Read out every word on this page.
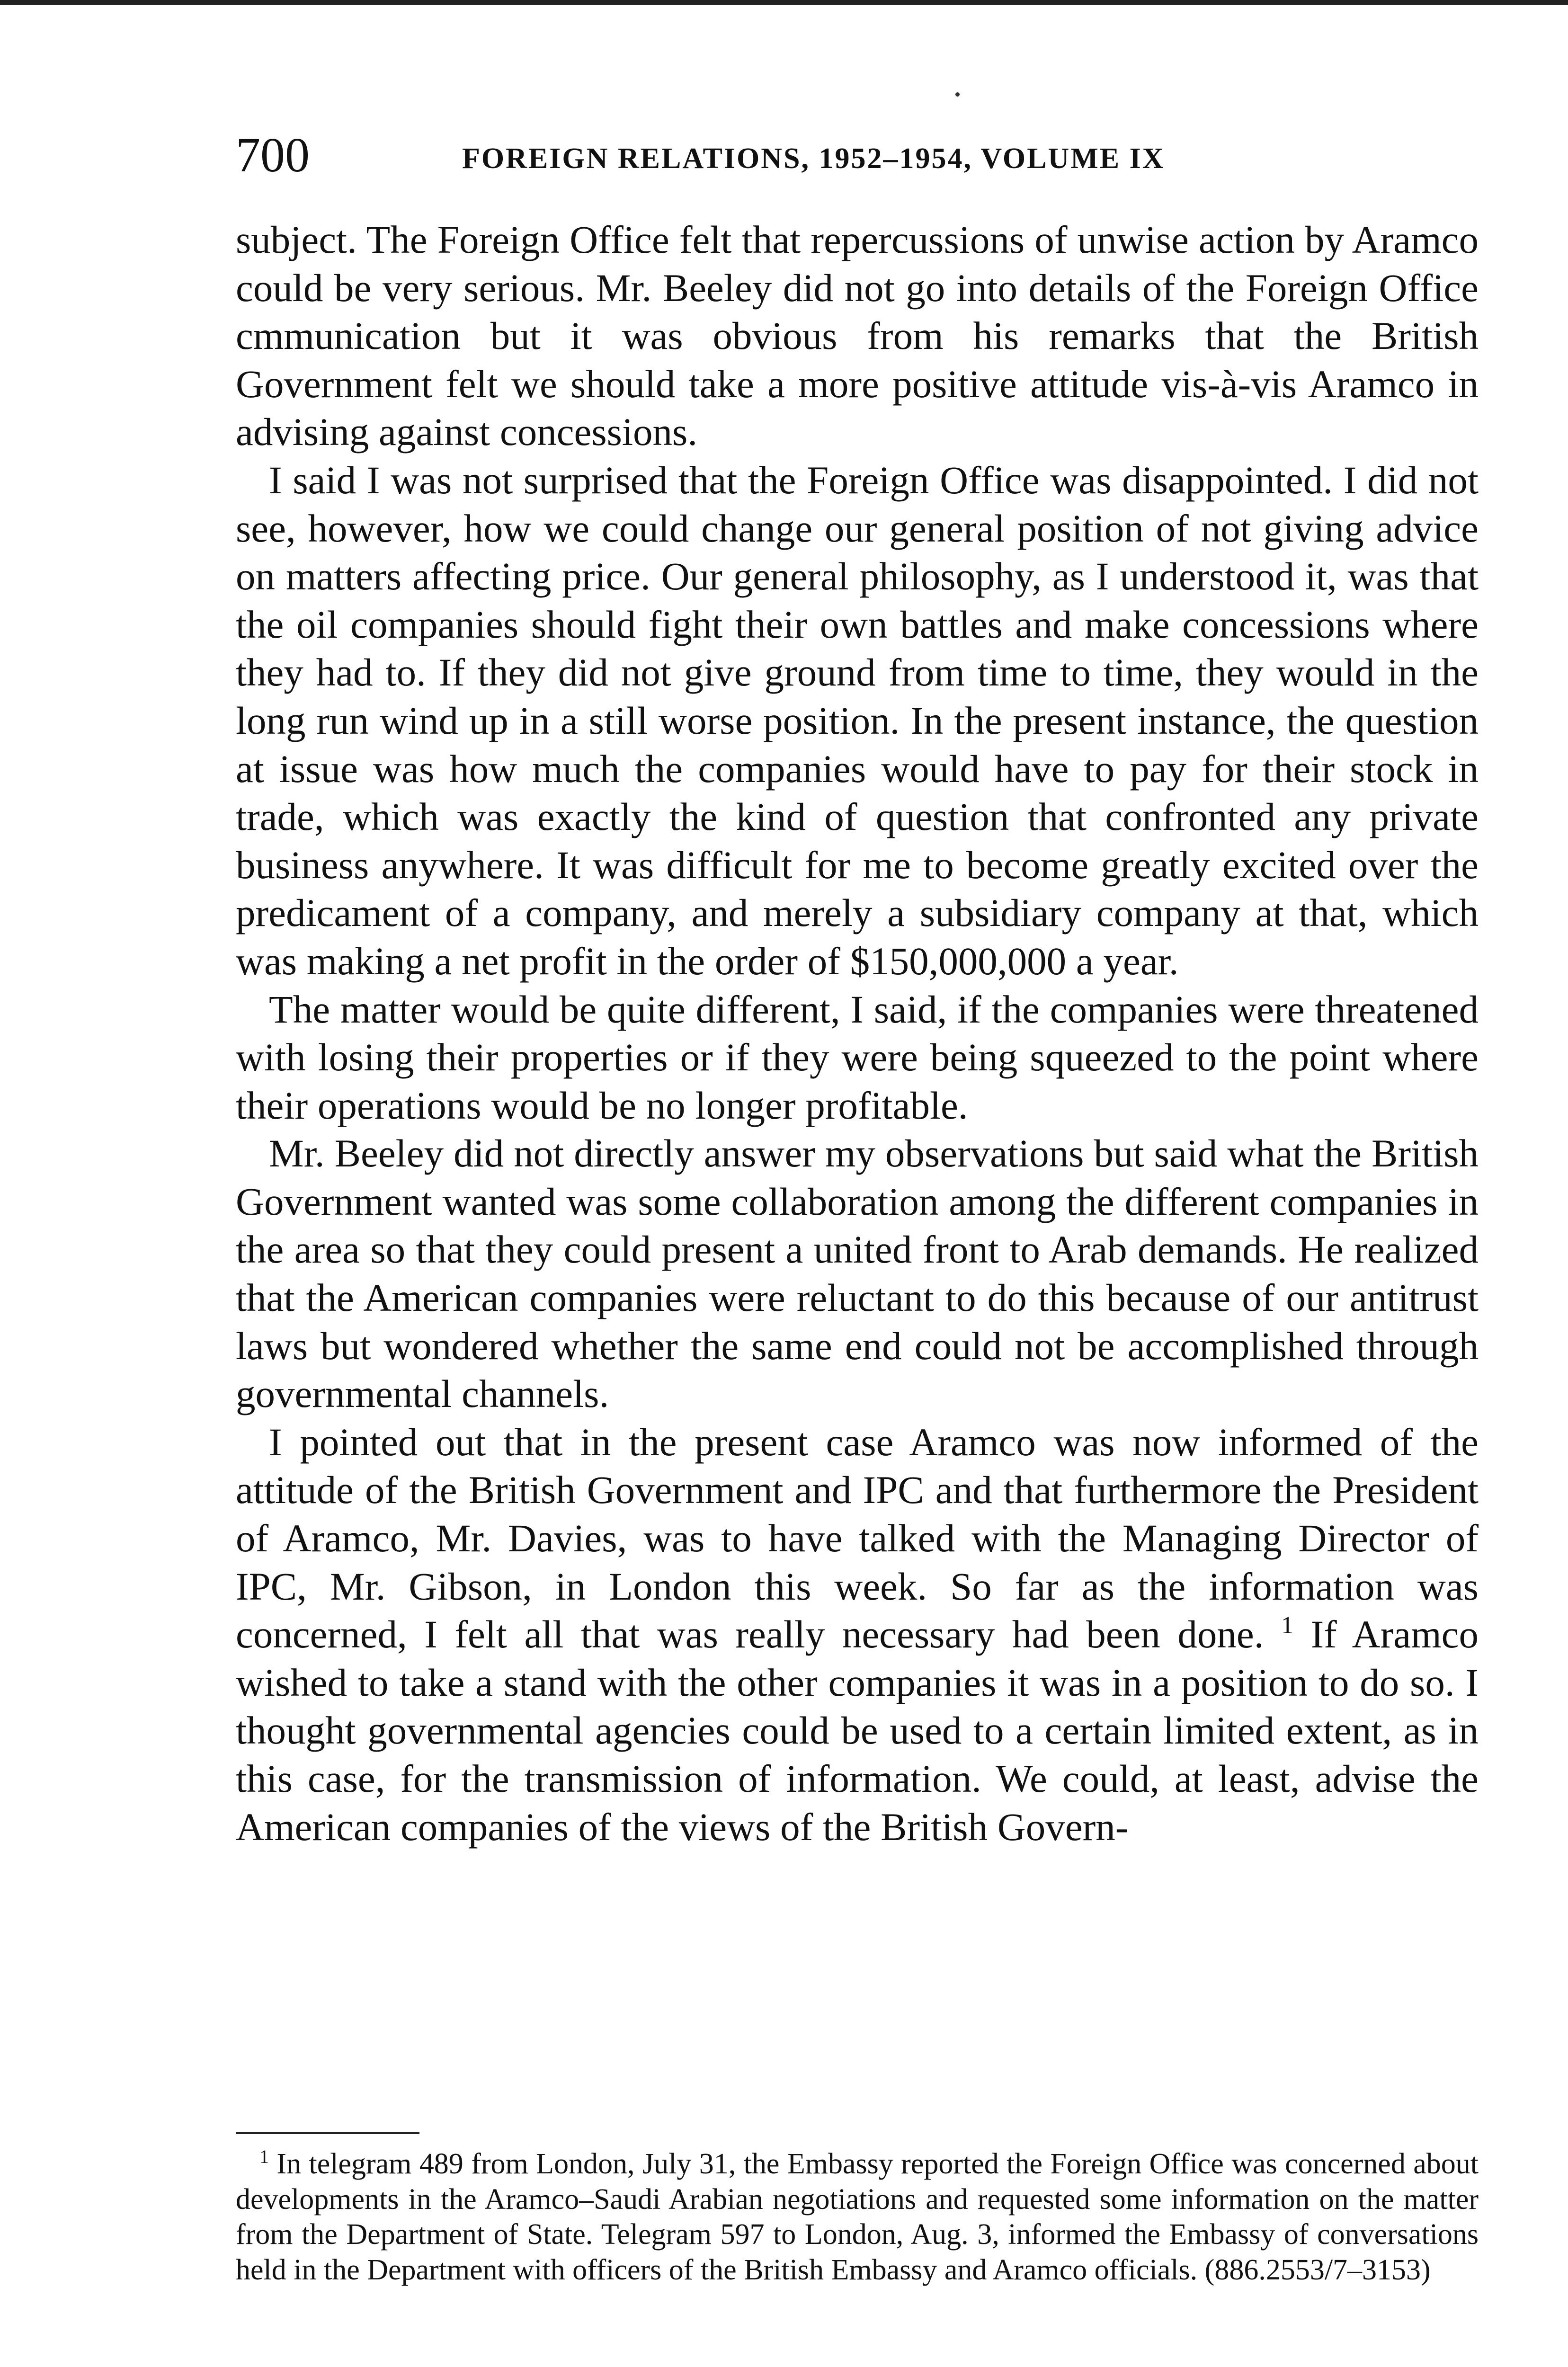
700	FOREIGN RELATIONS, 1952–1954, VOLUME IX

subject. The Foreign Office felt that repercussions of unwise action by Aramco could be very serious. Mr. Beeley did not go into details of the Foreign Office cmmunication but it was obvious from his remarks that the British Government felt we should take a more positive attitude vis-à-vis Aramco in advising against concessions.

I said I was not surprised that the Foreign Office was disappointed. I did not see, however, how we could change our general position of not giving advice on matters affecting price. Our general philosophy, as I understood it, was that the oil companies should fight their own battles and make concessions where they had to. If they did not give ground from time to time, they would in the long run wind up in a still worse position. In the present instance, the question at issue was how much the companies would have to pay for their stock in trade, which was exactly the kind of question that confronted any private business anywhere. It was difficult for me to become greatly excited over the predicament of a company, and merely a subsidiary company at that, which was making a net profit in the order of $150,000,000 a year.

The matter would be quite different, I said, if the companies were threatened with losing their properties or if they were being squeezed to the point where their operations would be no longer profitable.

Mr. Beeley did not directly answer my observations but said what the British Government wanted was some collaboration among the different companies in the area so that they could present a united front to Arab demands. He realized that the American companies were reluctant to do this because of our antitrust laws but wondered whether the same end could not be accomplished through governmental channels.

I pointed out that in the present case Aramco was now informed of the attitude of the British Government and IPC and that furthermore the President of Aramco, Mr. Davies, was to have talked with the Managing Director of IPC, Mr. Gibson, in London this week. So far as the information was concerned, I felt all that was really necessary had been done. $^1$ If Aramco wished to take a stand with the other companies it was in a position to do so. I thought governmental agencies could be used to a certain limited extent, as in this case, for the transmission of information. We could, at least, advise the American companies of the views of the British Govern-

$^1$ In telegram 489 from London, July 31, the Embassy reported the Foreign Office was concerned about developments in the Aramco–Saudi Arabian negotiations and requested some information on the matter from the Department of State. Telegram 597 to London, Aug. 3, informed the Embassy of conversations held in the Department with officers of the British Embassy and Aramco officials. (886.2553/7–3153)
